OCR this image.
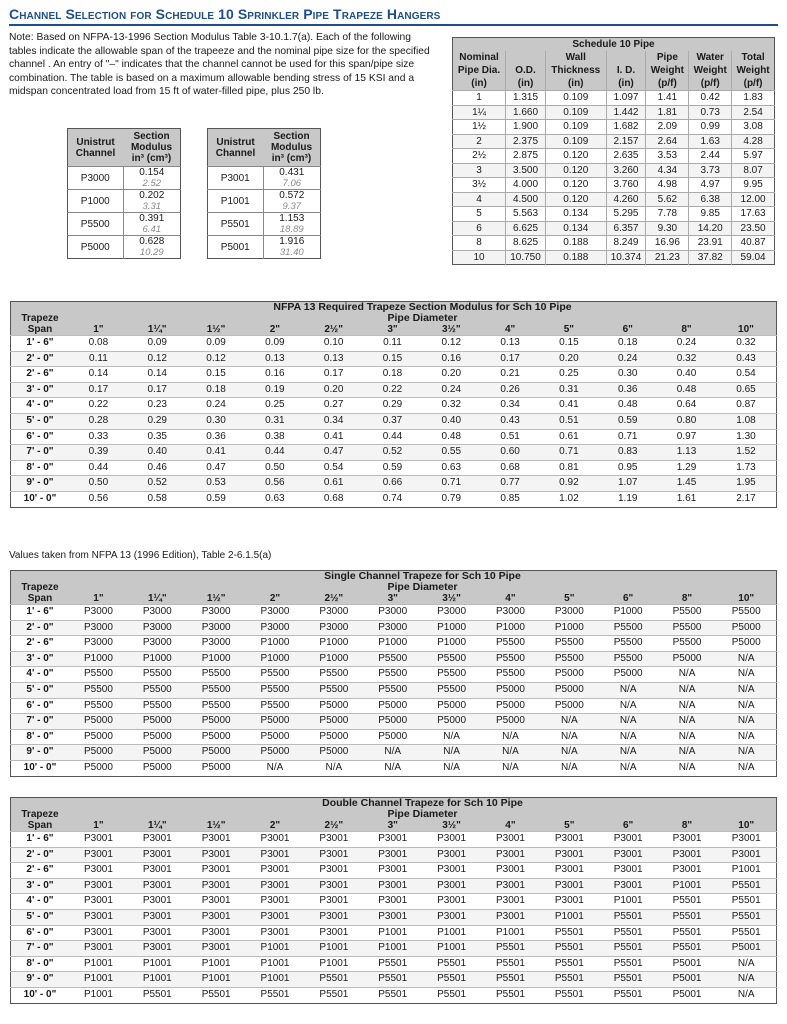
Channel Selection for Schedule 10 Sprinkler Pipe Trapeze Hangers
Note: Based on NFPA-13-1996 Section Modulus Table 3-10.1.7(a). Each of the following tables indicate the allowable span of the trapeeze and the nominal pipe size for the specified channel . An entry of "–" indicates that the channel cannot be used for this span/pipe size combination. The table is based on a maximum allowable bending stress of 15 KSI and a midspan concentrated load from 15 ft of water-filled pipe, plus 250 lb.
Unistrut
Channel	Section
Modulus
in³ (cm³)

P3000	0.154
2.52

P1000	0.202
3.31

P5500	0.391
6.41

P5000	0.628
10.29
Unistrut
Channel	Section
Modulus
in³ (cm³)

P3001	0.431
7.06

P1001	0.572
9.37

P5501	1.153
18.89

P5001	1.916
31.40
Schedule 10 Pipe						
Nominal		Wall		Pipe	Water	Total
Pipe Dia.	O.D.	Thickness	I. D.	Weight	Weight	Weight
(in)	(in)	(in)	(in)	(p/f)	(p/f)	(p/f)
1	1.315	0.109	1.097	1.41	0.42	1.83
1¼	1.660	0.109	1.442	1.81	0.73	2.54
1½	1.900	0.109	1.682	2.09	0.99	3.08
2	2.375	0.109	2.157	2.64	1.63	4.28
2½	2.875	0.120	2.635	3.53	2.44	5.97
3	3.500	0.120	3.260	4.34	3.73	8.07
3½	4.000	0.120	3.760	4.98	4.97	9.95
4	4.500	0.120	4.260	5.62	6.38	12.00
5	5.563	0.134	5.295	7.78	9.85	17.63
6	6.625	0.134	6.357	9.30	14.20	23.50
8	8.625	0.188	8.249	16.96	23.91	40.87
10	10.750	0.188	10.374	21.23	37.82	59.04
	NFPA 13 Required Trapeze Section Modulus for Sch 10 Pipe											
Trapeze	Pipe Diameter											
Span	1"	1¼"	1½"	2"	2½"	3"	3½"	4"	5"	6"	8"	10"
1' - 6"	0.08	0.09	0.09	0.09	0.10	0.11	0.12	0.13	0.15	0.18	0.24	0.32
2' - 0"	0.11	0.12	0.12	0.13	0.13	0.15	0.16	0.17	0.20	0.24	0.32	0.43
2' - 6"	0.14	0.14	0.15	0.16	0.17	0.18	0.20	0.21	0.25	0.30	0.40	0.54
3' - 0"	0.17	0.17	0.18	0.19	0.20	0.22	0.24	0.26	0.31	0.36	0.48	0.65
4' - 0"	0.22	0.23	0.24	0.25	0.27	0.29	0.32	0.34	0.41	0.48	0.64	0.87
5' - 0"	0.28	0.29	0.30	0.31	0.34	0.37	0.40	0.43	0.51	0.59	0.80	1.08
6' - 0"	0.33	0.35	0.36	0.38	0.41	0.44	0.48	0.51	0.61	0.71	0.97	1.30
7' - 0"	0.39	0.40	0.41	0.44	0.47	0.52	0.55	0.60	0.71	0.83	1.13	1.52
8' - 0"	0.44	0.46	0.47	0.50	0.54	0.59	0.63	0.68	0.81	0.95	1.29	1.73
9' - 0"	0.50	0.52	0.53	0.56	0.61	0.66	0.71	0.77	0.92	1.07	1.45	1.95
10' - 0"	0.56	0.58	0.59	0.63	0.68	0.74	0.79	0.85	1.02	1.19	1.61	2.17
Values taken from NFPA 13 (1996 Edition), Table 2-6.1.5(a)
	Single Channel Trapeze for Sch 10 Pipe											
Trapeze	Pipe Diameter											
Span	1"	1¼"	1½"	2"	2½"	3"	3½"	4"	5"	6"	8"	10"
1' - 6"	P3000	P3000	P3000	P3000	P3000	P3000	P3000	P3000	P3000	P1000	P5500	P5500
2' - 0"	P3000	P3000	P3000	P3000	P3000	P3000	P1000	P1000	P1000	P5500	P5500	P5000
2' - 6"	P3000	P3000	P3000	P1000	P1000	P1000	P1000	P5500	P5500	P5500	P5500	P5000
3' - 0"	P1000	P1000	P1000	P1000	P1000	P5500	P5500	P5500	P5500	P5500	P5000	N/A
4' - 0"	P5500	P5500	P5500	P5500	P5500	P5500	P5500	P5500	P5000	P5000	N/A	N/A
5' - 0"	P5500	P5500	P5500	P5500	P5500	P5500	P5500	P5000	P5000	N/A	N/A	N/A
6' - 0"	P5500	P5500	P5500	P5500	P5000	P5000	P5000	P5000	P5000	N/A	N/A	N/A
7' - 0"	P5000	P5000	P5000	P5000	P5000	P5000	P5000	P5000	N/A	N/A	N/A	N/A
8' - 0"	P5000	P5000	P5000	P5000	P5000	P5000	N/A	N/A	N/A	N/A	N/A	N/A
9' - 0"	P5000	P5000	P5000	P5000	P5000	N/A	N/A	N/A	N/A	N/A	N/A	N/A
10' - 0"	P5000	P5000	P5000	N/A	N/A	N/A	N/A	N/A	N/A	N/A	N/A	N/A
	Double Channel Trapeze for Sch 10 Pipe											
Trapeze	Pipe Diameter											
Span	1"	1¼"	1½"	2"	2½"	3"	3½"	4"	5"	6"	8"	10"
1' - 6"	P3001	P3001	P3001	P3001	P3001	P3001	P3001	P3001	P3001	P3001	P3001	P3001
2' - 0"	P3001	P3001	P3001	P3001	P3001	P3001	P3001	P3001	P3001	P3001	P3001	P3001
2' - 6"	P3001	P3001	P3001	P3001	P3001	P3001	P3001	P3001	P3001	P3001	P3001	P1001
3' - 0"	P3001	P3001	P3001	P3001	P3001	P3001	P3001	P3001	P3001	P3001	P1001	P5501
4' - 0"	P3001	P3001	P3001	P3001	P3001	P3001	P3001	P3001	P3001	P1001	P5501	P5501
5' - 0"	P3001	P3001	P3001	P3001	P3001	P3001	P3001	P3001	P1001	P5501	P5501	P5501
6' - 0"	P3001	P3001	P3001	P3001	P3001	P1001	P1001	P1001	P5501	P5501	P5501	P5501
7' - 0"	P3001	P3001	P3001	P1001	P1001	P1001	P1001	P5501	P5501	P5501	P5501	P5001
8' - 0"	P1001	P1001	P1001	P1001	P1001	P5501	P5501	P5501	P5501	P5501	P5001	N/A
9' - 0"	P1001	P1001	P1001	P1001	P5501	P5501	P5501	P5501	P5501	P5501	P5001	N/A
10' - 0"	P1001	P5501	P5501	P5501	P5501	P5501	P5501	P5501	P5501	P5501	P5001	N/A
